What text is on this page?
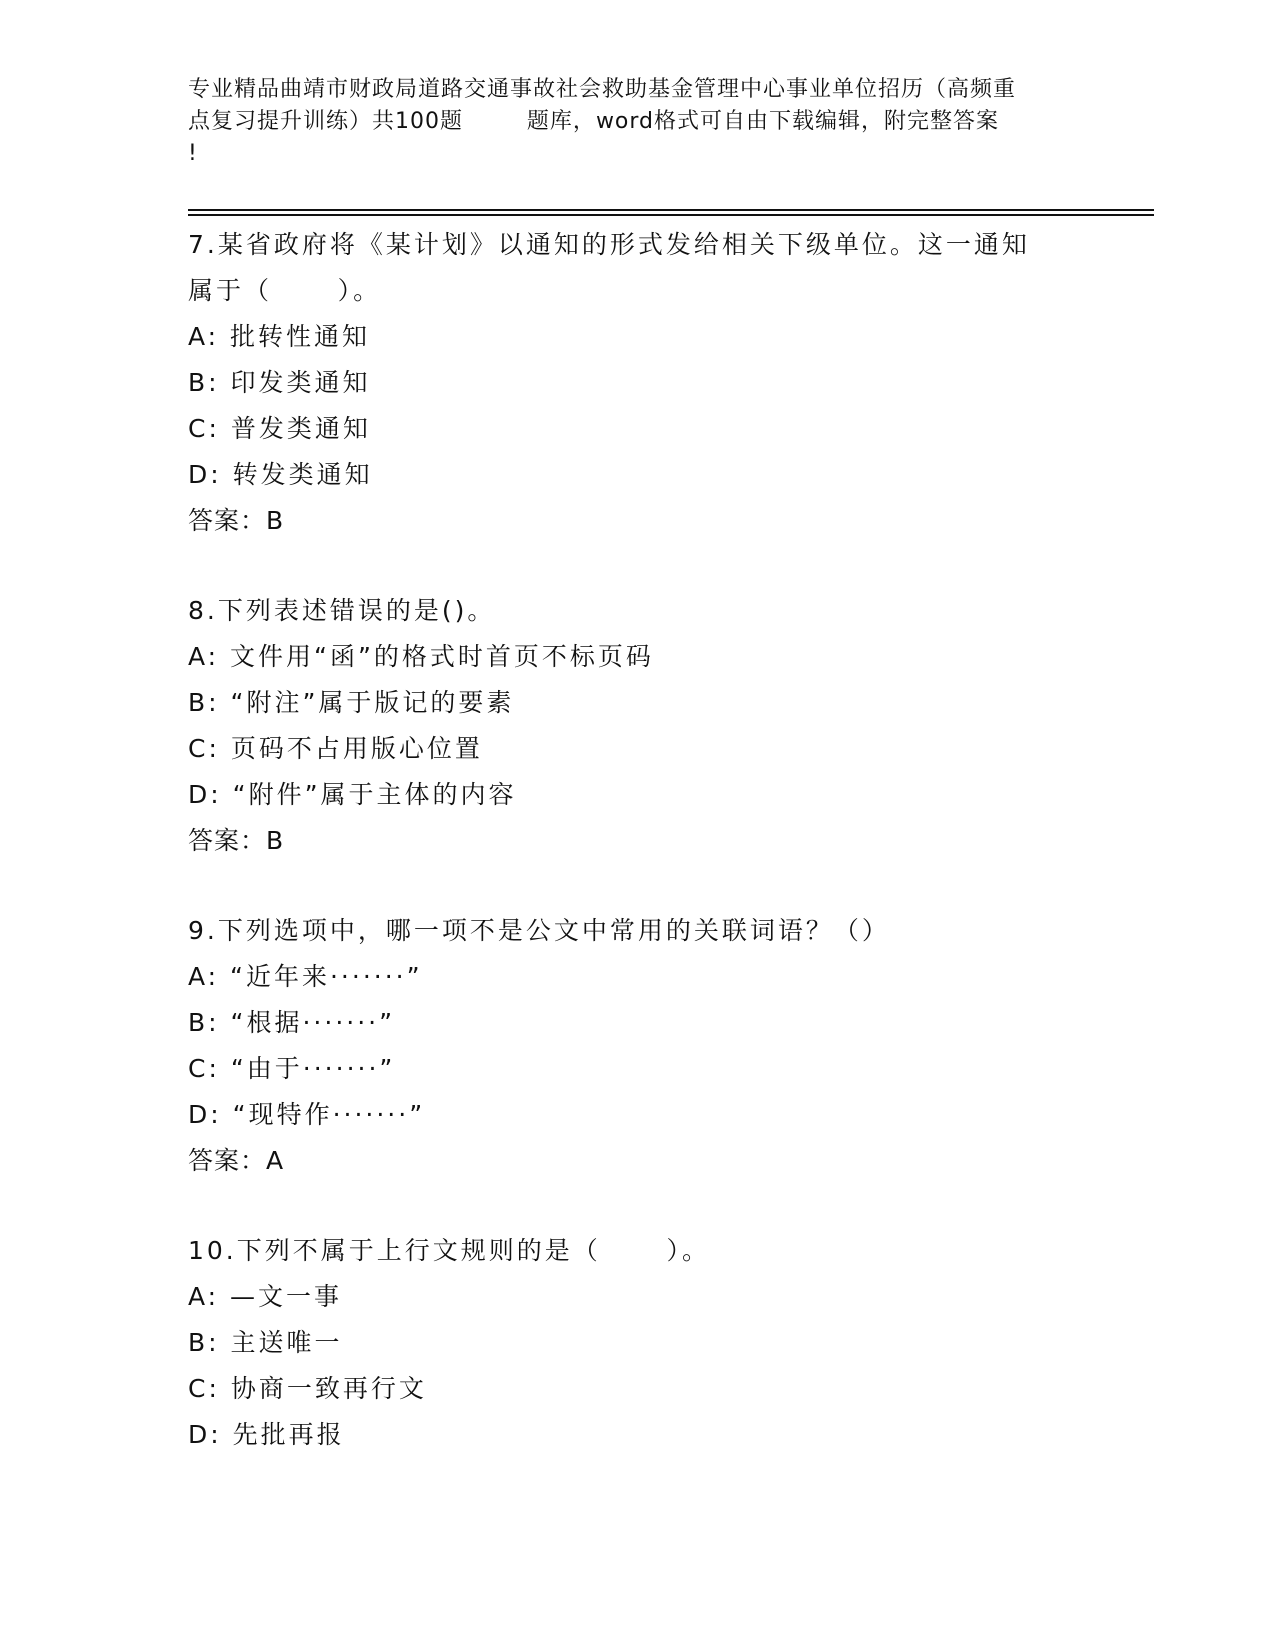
专业精品曲靖市财政局道路交通事故社会救助基金管理中心事业单位招历（高频重
点复习提升训练）共100题        题库，word格式可自由下载编辑，附完整答案
!
7.某省政府将《某计划》以通知的形式发给相关下级单位。这一通知
属于（      ）。
A: 批转性通知
B: 印发类通知
C: 普发类通知
D: 转发类通知
答案：B
8.下列表述错误的是()。
A: 文件用“函”的格式时首页不标页码
B: “附注”属于版记的要素
C: 页码不占用版心位置
D: “附件”属于主体的内容
答案：B
9.下列选项中，哪一项不是公文中常用的关联词语？（）
A: “近年来·······”
B: “根据·······”
C: “由于·······”
D: “现特作·······”
答案：A
10.下列不属于上行文规则的是（      ）。
A: —文一事
B: 主送唯一
C: 协商一致再行文
D: 先批再报
